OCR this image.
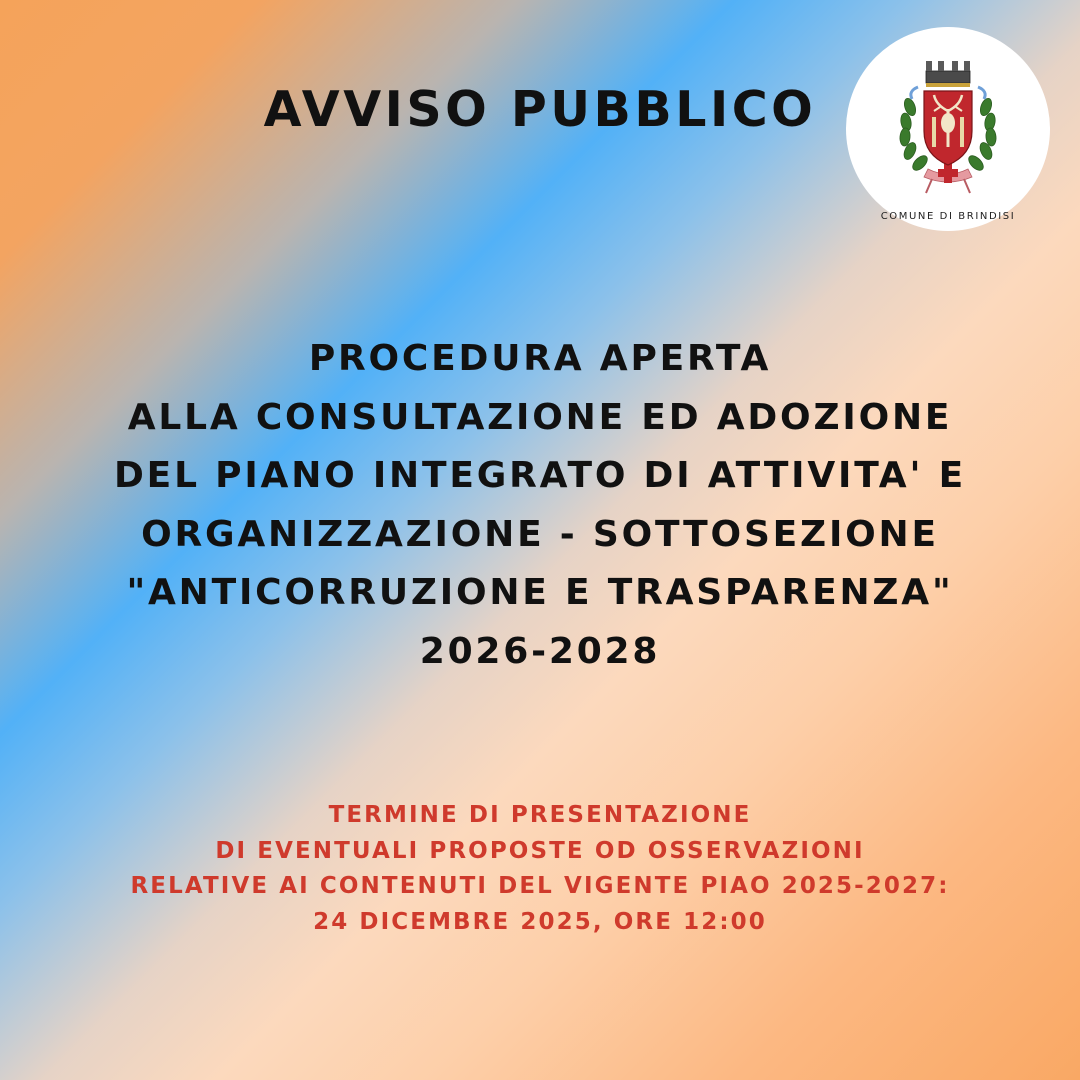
AVVISO PUBBLICO
COMUNE DI BRINDISI
PROCEDURA APERTA
ALLA CONSULTAZIONE ED ADOZIONE
DEL PIANO INTEGRATO DI ATTIVITA' E
ORGANIZZAZIONE - SOTTOSEZIONE
"ANTICORRUZIONE E TRASPARENZA"
2026-2028
TERMINE DI PRESENTAZIONE
DI EVENTUALI PROPOSTE OD OSSERVAZIONI
RELATIVE AI CONTENUTI DEL VIGENTE PIAO 2025-2027:
24 DICEMBRE 2025, ORE 12:00
